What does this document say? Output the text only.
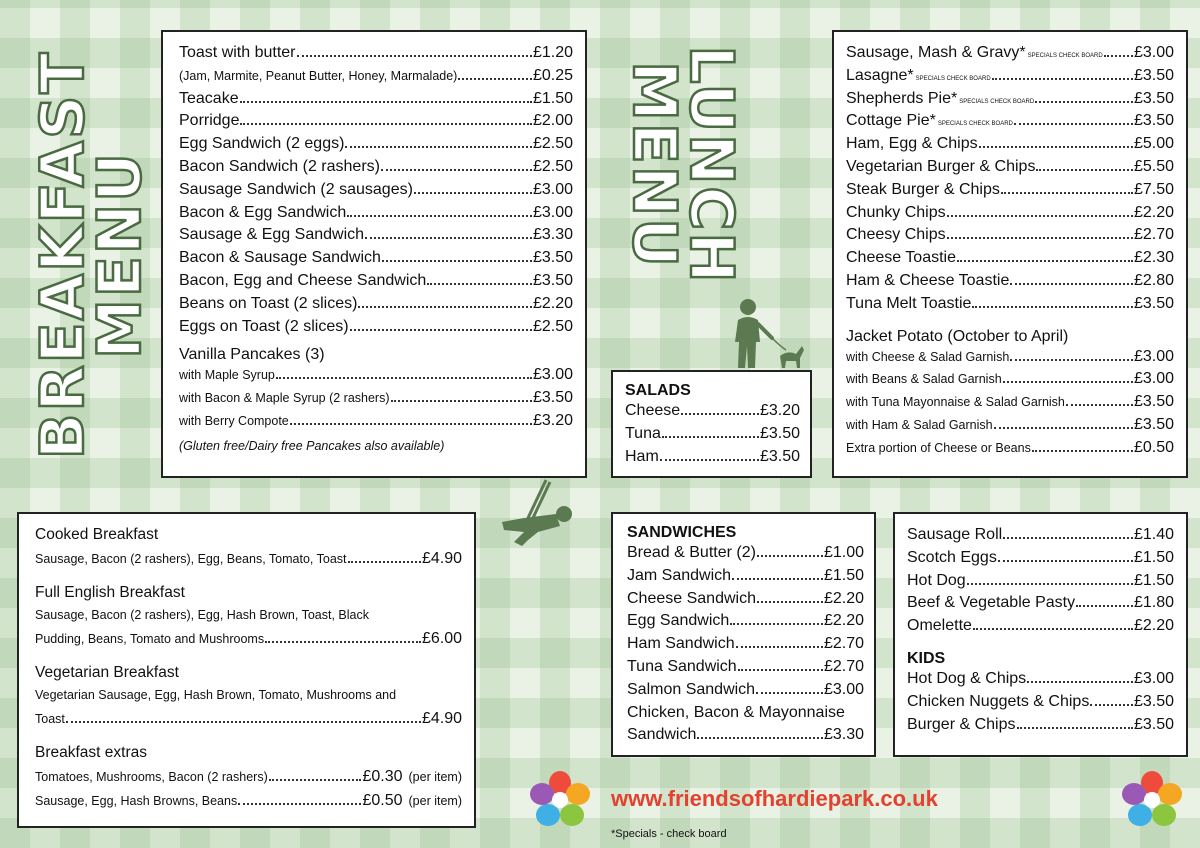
BREAKFAST
MENU	LUNCH
MENU
Toast with butter	£1.20
(Jam, Marmite, Peanut Butter, Honey, Marmalade)	£0.25
Teacake	£1.50
Porridge	£2.00
Egg Sandwich (2 eggs)	£2.50
Bacon Sandwich (2 rashers)	£2.50
Sausage Sandwich (2 sausages)	£3.00
Bacon & Egg Sandwich	£3.00
Sausage & Egg Sandwich	£3.30
Bacon & Sausage Sandwich	£3.50
Bacon, Egg and Cheese Sandwich	£3.50
Beans on Toast (2 slices)	£2.20
Eggs on Toast (2 slices)	£2.50
Vanilla Pancakes (3)
with Maple Syrup	£3.00
with Bacon & Maple Syrup (2 rashers)	£3.50
with Berry Compote	£3.20
(Gluten free/Dairy free Pancakes also available)
Sausage, Mash & Gravy* SPECIALS CHECK BOARD £3.00
Lasagne* SPECIALS CHECK BOARD	£3.50
Shepherds Pie* SPECIALS CHECK BOARD	£3.50
Cottage Pie* SPECIALS CHECK BOARD	£3.50
Ham, Egg & Chips	£5.00
Vegetarian Burger & Chips	£5.50
Steak Burger & Chips	£7.50
Chunky Chips	£2.20
Cheesy Chips	£2.70
Cheese Toastie	£2.30
Ham & Cheese Toastie	£2.80
Tuna Melt Toastie	£3.50
Jacket Potato (October to April)
with Cheese & Salad Garnish	£3.00
with Beans & Salad Garnish	£3.00
with Tuna Mayonnaise & Salad Garnish	£3.50
with Ham & Salad Garnish	£3.50
Extra portion of Cheese or Beans	£0.50
SALADS
Cheese	£3.20
Tuna	£3.50
Ham	£3.50
Cooked Breakfast
Sausage, Bacon (2 rashers), Egg, Beans, Tomato, Toast	£4.90
Full English Breakfast
Sausage, Bacon (2 rashers), Egg, Hash Brown, Toast, Black
Pudding, Beans, Tomato and Mushrooms	£6.00
Vegetarian Breakfast
Vegetarian Sausage, Egg, Hash Brown, Tomato, Mushrooms and
Toast	£4.90
Breakfast extras
Tomatoes, Mushrooms, Bacon (2 rashers)	£0.30 (per item)
Sausage, Egg, Hash Browns, Beans	£0.50 (per item)
SANDWICHES
Bread & Butter (2)	£1.00
Jam Sandwich	£1.50
Cheese Sandwich	£2.20
Egg Sandwich	£2.20
Ham Sandwich	£2.70
Tuna Sandwich	£2.70
Salmon Sandwich	£3.00
Chicken, Bacon & Mayonnaise
Sandwich	£3.30
Sausage Roll	£1.40
Scotch Eggs	£1.50
Hot Dog	£1.50
Beef & Vegetable Pasty	£1.80
Omelette	£2.20
KIDS
Hot Dog & Chips	£3.00
Chicken Nuggets & Chips	£3.50
Burger & Chips	£3.50
www.friendsofhardiepark.co.uk
*Specials - check board
